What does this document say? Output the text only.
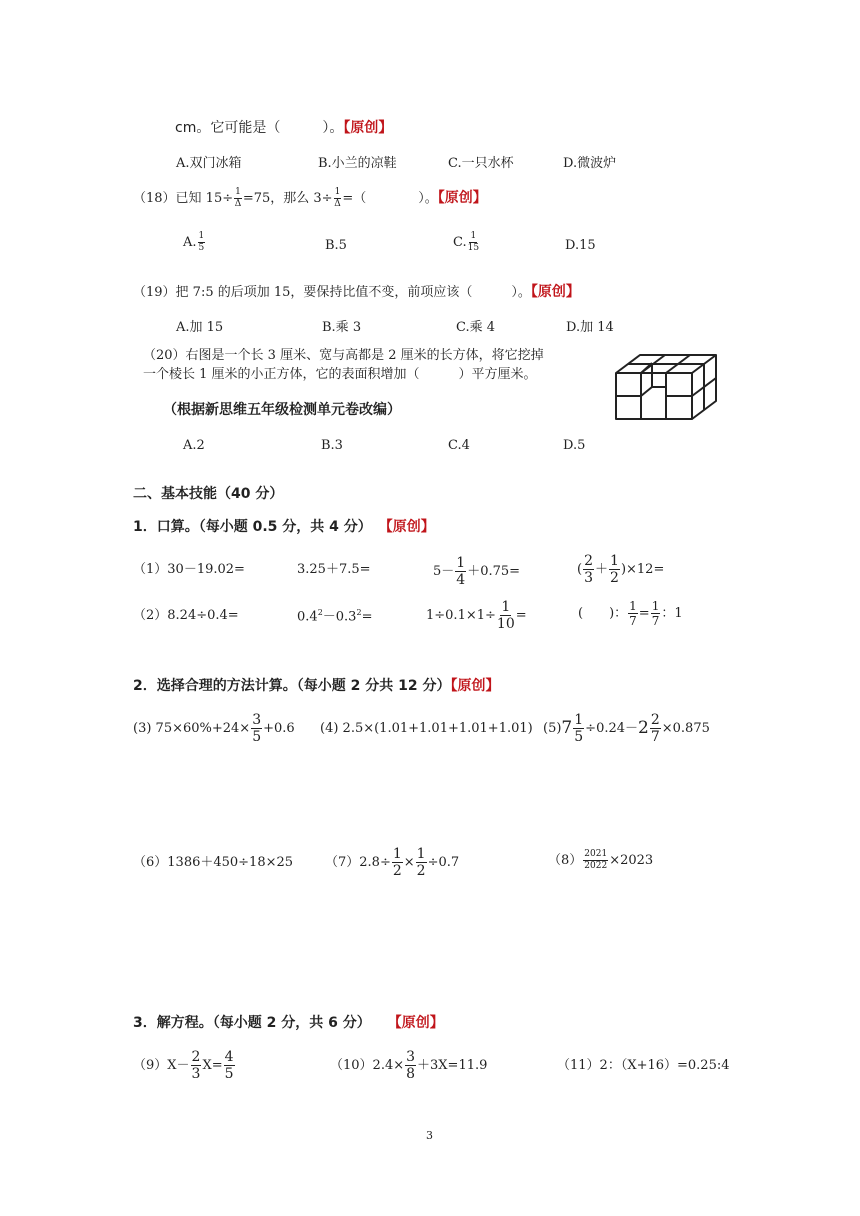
cm。它可能是（　　　）。【原创】
A.双门冰箱	B.小兰的凉鞋	C.一只水杯	D.微波炉
（18）已知 $15\div \frac{1}{\Delta} =75$，那么 $3\div \frac{1}{\Delta}$ =（　　　　）。【原创】
A. $\frac{1}{5}$	B.5	C. $\frac{1}{15}$	D.15
（19）把 7:5 的后项加 15，要保持比值不变，前项应该（　　　）。【原创】
A.加 15	B.乘 3	C.乘 4	D.加 14
（20）右图是一个长 3 厘米、宽与高都是 2 厘米的长方体，将它挖掉
一个棱长 1 厘米的小正方体，它的表面积增加（　　　）平方厘米。
（根据新思维五年级检测单元卷改编）
A.2	B.3	C.4	D.5
二、基本技能（40 分）
1．口算。（每小题 0.5 分，共 4 分） 【原创】
（1）30－19.02=	3.25＋7.5=	$5- \frac{1}{4} +0.75=$	( $\frac{2}{3} + \frac{1}{2} )\times 12=$
（2）8.24÷0.4=	$0.4^2-0.3^2=$	$1\div 0.1\times 1\div \frac{1}{10}$ =	(　　)： $\frac{1}{7} = \frac{1}{7}$ ：1
2．选择合理的方法计算。（每小题 2 分共 12 分）【原创】
(3) $75\times 60\%+24\times \frac{3}{5} +0.6$ (4) 2.5×(1.01+1.01+1.01+1.01) $(5)7 \frac{1}{5} \div 0.24-2 \frac{2}{7} \times 0.875$
（6）1386＋450÷18×25 $(7)2.8\div \frac{1}{2} \times \frac{1}{2} \div 0.7$	$(8) \frac{2021}{2022} \times 2023$
3．解方程。（每小题 2 分，共 6 分） 【原创】
$(9)X- \frac{2}{3} X= \frac{4}{5}$	$(10)2.4\times \frac{3}{8} +3X=11.9$	（11）2：（X+16）=0.25:4
3
